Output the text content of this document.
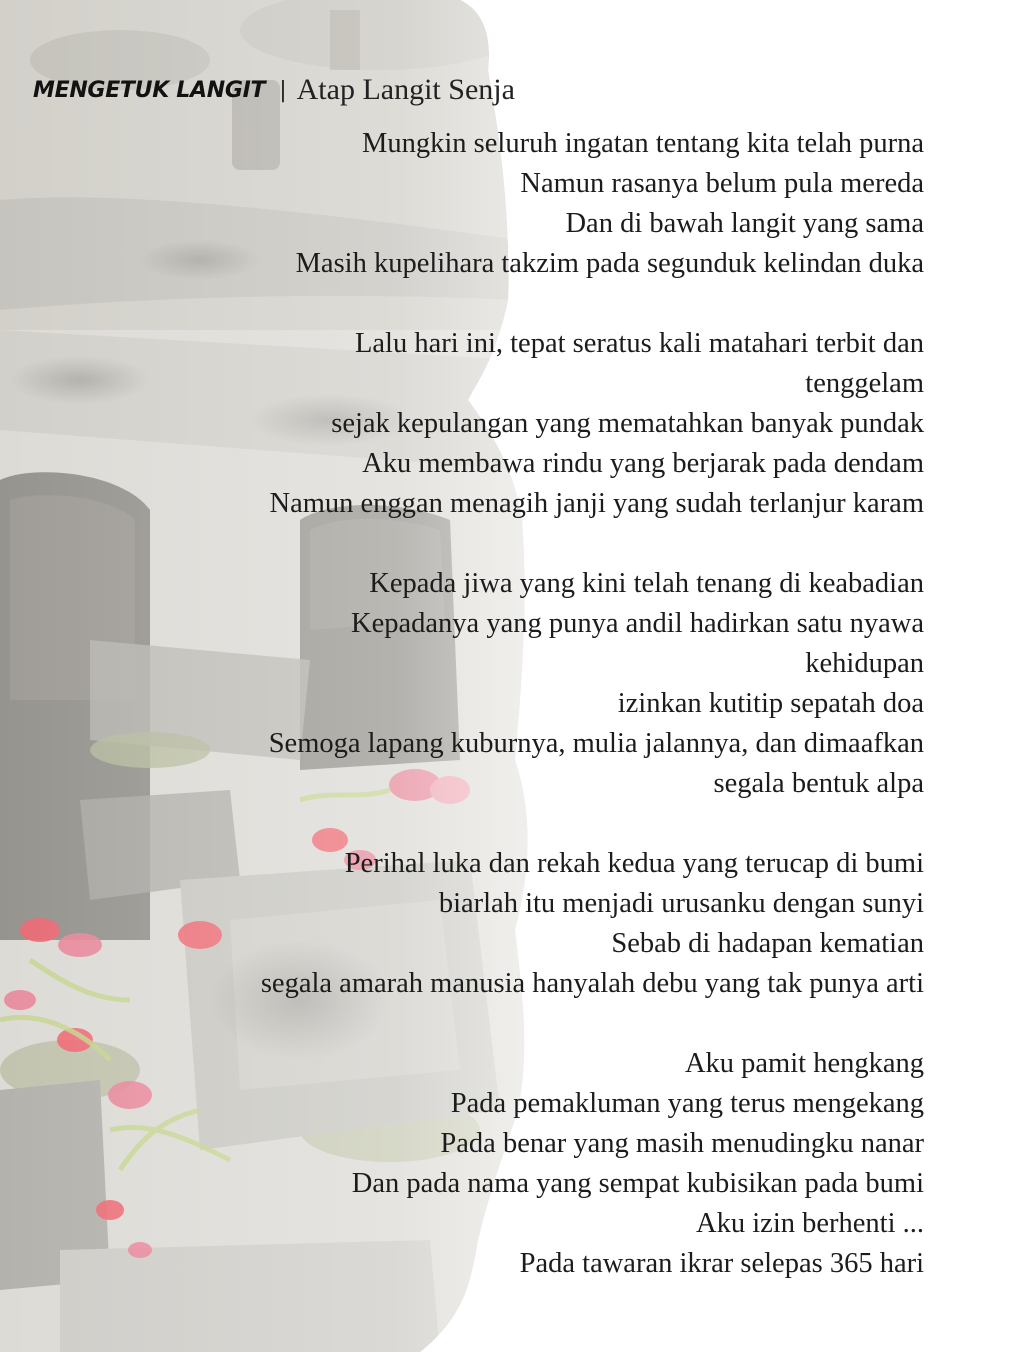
MENGETUK LANGIT | Atap Langit Senja
Mungkin seluruh ingatan tentang kita telah purna
Namun rasanya belum pula mereda
Dan di bawah langit yang sama
Masih kupelihara takzim pada segunduk kelindan duka
Lalu hari ini, tepat seratus kali matahari terbit dan
tenggelam
sejak kepulangan yang mematahkan banyak pundak
Aku membawa rindu yang berjarak pada dendam
Namun enggan menagih janji yang sudah terlanjur karam
Kepada jiwa yang kini telah tenang di keabadian
Kepadanya yang punya andil hadirkan satu nyawa
kehidupan
izinkan kutitip sepatah doa
Semoga lapang kuburnya, mulia jalannya, dan dimaafkan
segala bentuk alpa
Perihal luka dan rekah kedua yang terucap di bumi
biarlah itu menjadi urusanku dengan sunyi
Sebab di hadapan kematian
segala amarah manusia hanyalah debu yang tak punya arti
Aku pamit hengkang
Pada pemakluman yang terus mengekang
Pada benar yang masih menudingku nanar
Dan pada nama yang sempat kubisikan pada bumi
Aku izin berhenti ...
Pada tawaran ikrar selepas 365 hari
